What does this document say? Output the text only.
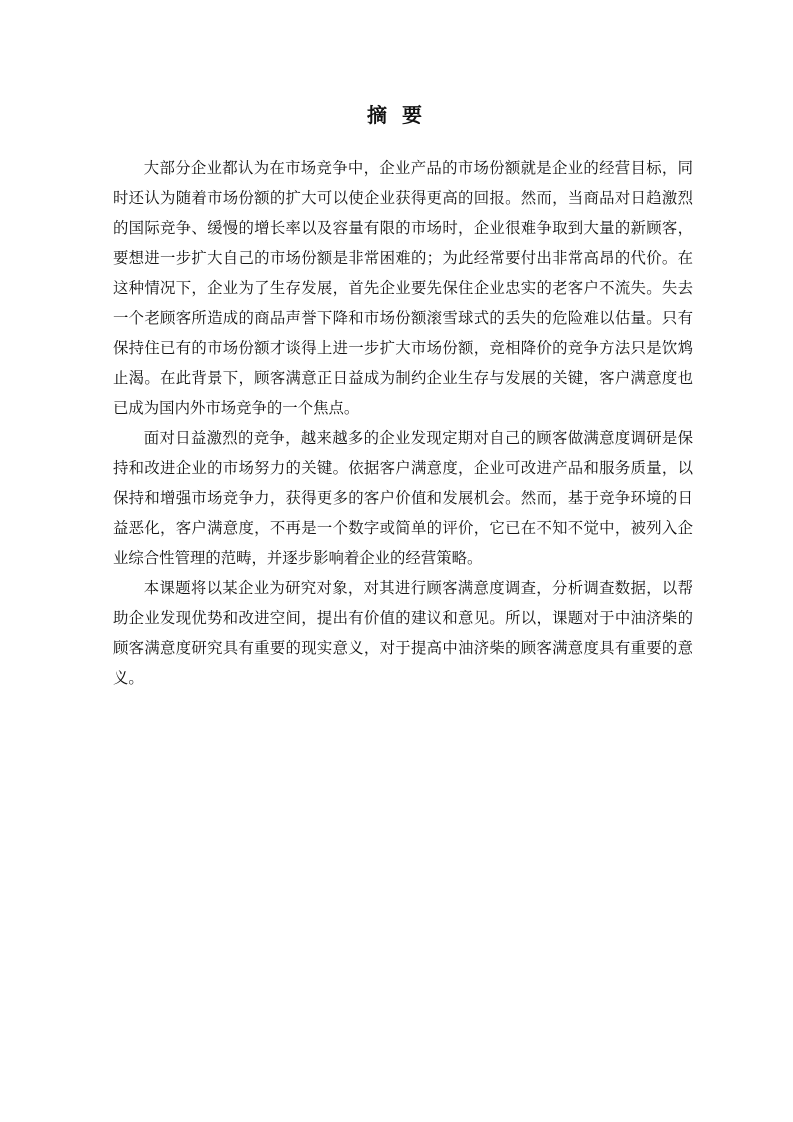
摘 要

大部分企业都认为在市场竞争中，企业产品的市场份额就是企业的经营目标，同时还认为随着市场份额的扩大可以使企业获得更高的回报。然而，当商品对日趋激烈的国际竞争、缓慢的增长率以及容量有限的市场时，企业很难争取到大量的新顾客，要想进一步扩大自己的市场份额是非常困难的；为此经常要付出非常高昂的代价。在这种情况下，企业为了生存发展，首先企业要先保住企业忠实的老客户不流失。失去一个老顾客所造成的商品声誉下降和市场份额滚雪球式的丢失的危险难以估量。只有保持住已有的市场份额才谈得上进一步扩大市场份额，竞相降价的竞争方法只是饮鸩止渴。在此背景下，顾客满意正日益成为制约企业生存与发展的关键，客户满意度也已成为国内外市场竞争的一个焦点。

面对日益激烈的竞争，越来越多的企业发现定期对自己的顾客做满意度调研是保持和改进企业的市场努力的关键。依据客户满意度，企业可改进产品和服务质量，以保持和增强市场竞争力，获得更多的客户价值和发展机会。然而，基于竞争环境的日益恶化，客户满意度，不再是一个数字或简单的评价，它已在不知不觉中，被列入企业综合性管理的范畴，并逐步影响着企业的经营策略。

本课题将以某企业为研究对象，对其进行顾客满意度调查，分析调查数据，以帮助企业发现优势和改进空间，提出有价值的建议和意见。所以，课题对于中油济柴的顾客满意度研究具有重要的现实意义，对于提高中油济柴的顾客满意度具有重要的意义。
